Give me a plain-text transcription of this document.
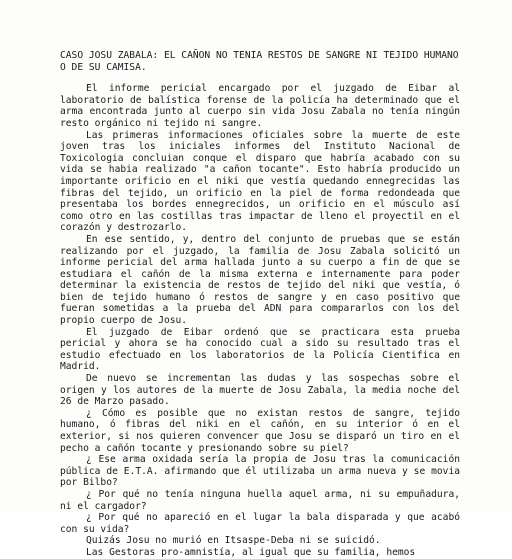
CASO JOSU ZABALA: EL CAÑON NO TENIA RESTOS DE SANGRE NI TEJIDO HUMANO O DE SU CAMISA.

El informe pericial encargado por el juzgado de Eibar al laboratorio de balística forense de la policía ha determinado que el arma encontrada junto al cuerpo sin vida Josu Zabala no tenía ningún resto orgánico ni tejido ni sangre.

Las primeras informaciones oficiales sobre la muerte de este joven tras los iniciales informes del Instituto Nacional de Toxicologia concluian conque el disparo que habría acabado con su vida se habia realizado "a cañon tocante". Esto habría producido un importante orificio en el niki que vestía quedando ennegrecidas las fibras del tejido, un orificio en la piel de forma redondeada que presentaba los bordes ennegrecidos, un orificio en el músculo así como otro en las costillas tras impactar de lleno el proyectil en el corazón y destrozarlo.

En ese sentido, y, dentro del conjunto de pruebas que se están realizando por el juzgado, la familia de Josu Zabala solicitó un informe pericial del arma hallada junto a su cuerpo a fin de que se estudiara el cañón de la misma externa e internamente para poder determinar la existencia de restos de tejido del niki que vestía, ó bien de tejido humano ó restos de sangre y en caso positivo que fueran sometidas a la prueba del ADN para compararlos con los del propio cuerpo de Josu.

El juzgado de Eibar ordenó que se practicara esta prueba pericial y ahora se ha conocido cual a sido su resultado tras el estudio efectuado en los laboratorios de la Policía Cientifica en Madrid.

De nuevo se incrementan las dudas y las sospechas sobre el origen y los autores de la muerte de Josu Zabala, la media noche del 26 de Marzo pasado.

¿ Cómo es posible que no existan restos de sangre, tejido humano, ó fibras del niki en el cañón, en su interior ó en el exterior, si nos quieren convencer que Josu se disparó un tiro en el pecho a cañón tocante y presionando sobre su piel?

¿ Ese arma oxidada sería la propia de Josu tras la comunicación pública de E.T.A. afirmando que él utilizaba un arma nueva y se movia por Bilbo?

¿ Por qué no tenía ninguna huella aquel arma, ni su empuñadura, ni el cargador?

¿ Por qué no apareció en el lugar la bala disparada y que acabó con su vida?

Quizás Josu no murió en Itsaspe-Deba ni se suicidó.

Las Gestoras pro-amnistía, al igual que su familia, hemos
